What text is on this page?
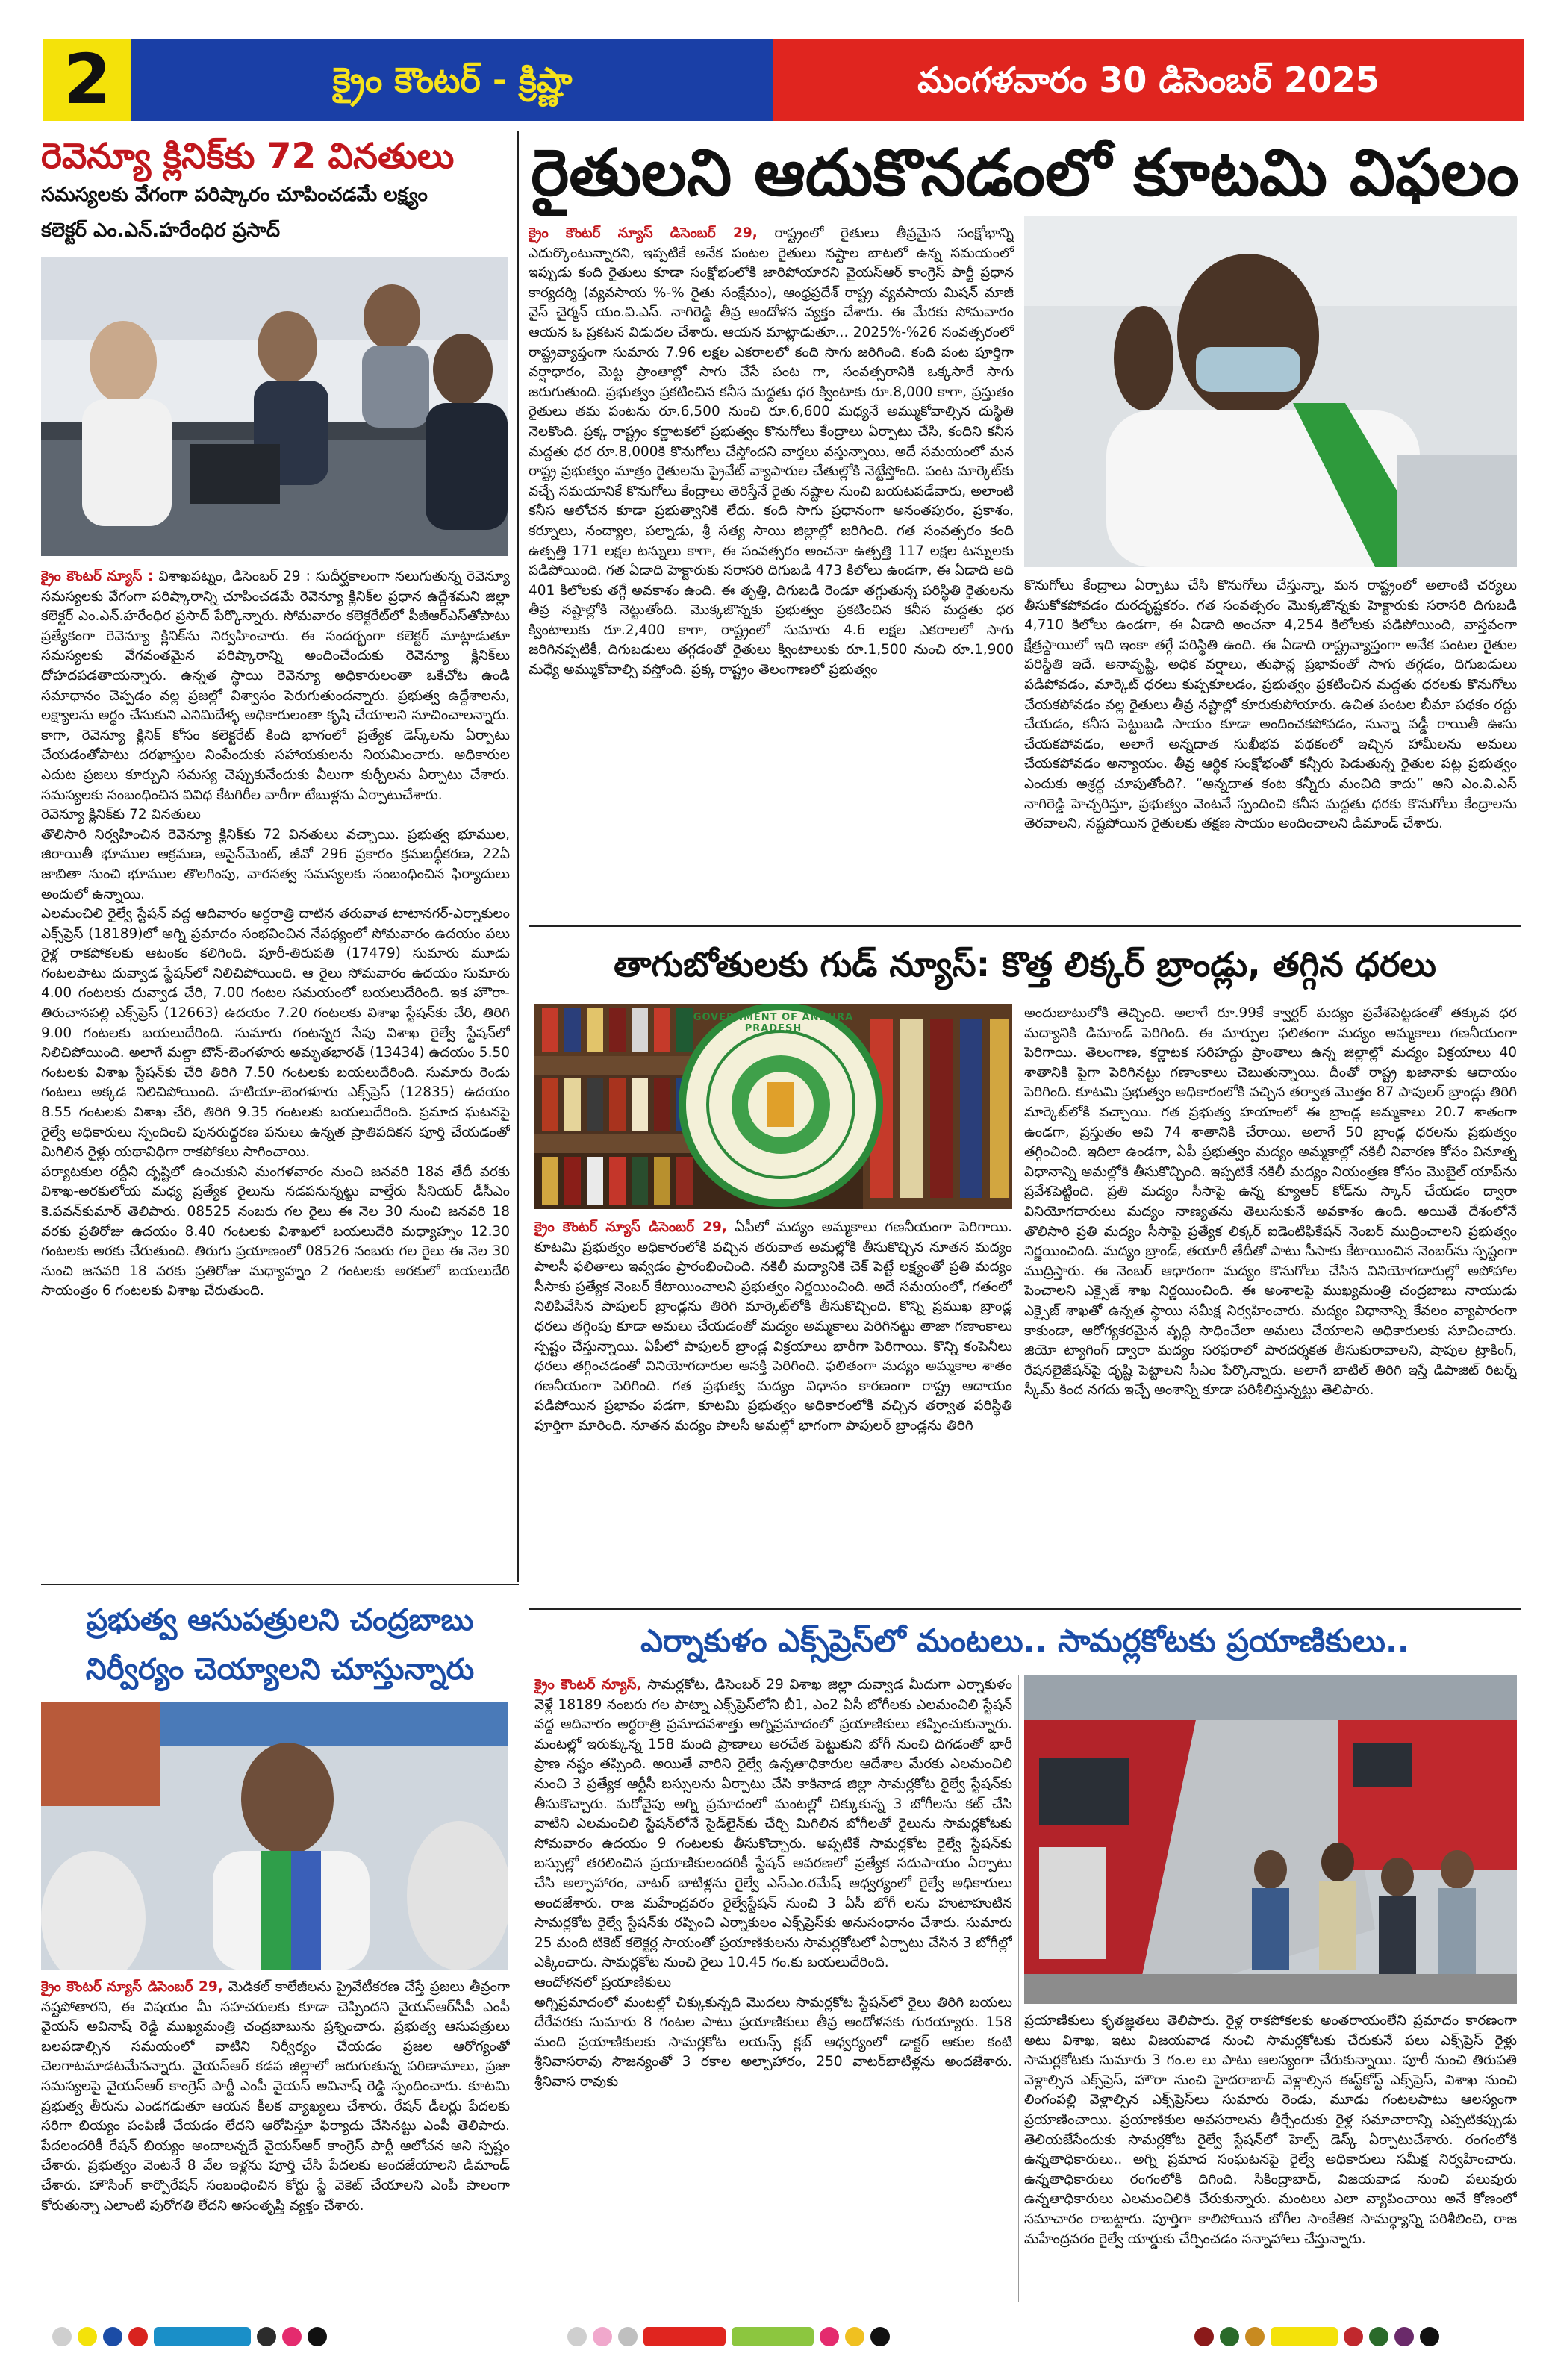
2	క్రైం కౌంటర్ - క్రిష్ణా	మంగళవారం 30 డిసెంబర్ 2025
రెవెన్యూ క్లినిక్‌కు 72 వినతులు
సమస్యలకు వేగంగా పరిష్కారం చూపించడమే లక్ష్యం
కలెక్టర్ ఎం.ఎన్.హరేంధిర ప్రసాద్

క్రైం కౌంటర్ న్యూస్ : విశాఖపట్నం, డిసెంబర్ 29 : సుదీర్ఘకాలంగా నలుగుతున్న రెవెన్యూ సమస్యలకు వేగంగా పరిష్కారాన్ని చూపించడమే రెవెన్యూ క్లినిక్‌ల ప్రధాన ఉద్దేశమని జిల్లా కలెక్టర్ ఎం.ఎన్.హరేంధిర ప్రసాద్ పేర్కొన్నారు. సోమవారం కలెక్టరేట్‌లో పీజీఆర్‌ఎస్‌తోపాటు ప్రత్యేకంగా రెవెన్యూ క్లినిక్‌ను నిర్వహించారు. ఈ సందర్భంగా కలెక్టర్ మాట్లాడుతూ సమస్యలకు వేగవంతమైన పరిష్కారాన్ని అందించేందుకు రెవెన్యూ క్లినిక్‌లు దోహదపడతాయన్నారు. ఉన్నత స్థాయి రెవెన్యూ అధికారులంతా ఒకేచోట ఉండి సమాధానం చెప్పడం వల్ల ప్రజల్లో విశ్వాసం పెరుగుతుందన్నారు. ప్రభుత్వ ఉద్దేశాలను, లక్ష్యాలను అర్థం చేసుకుని ఎనిమిదేళ్ళ అధికారులంతా కృషి చేయాలని సూచించాలన్నారు. కాగా, రెవెన్యూ క్లినిక్ కోసం కలెక్టరేట్ కింది భాగంలో ప్రత్యేక డెస్క్‌లను ఏర్పాటు చేయడంతోపాటు దరఖాస్తుల నింపేందుకు సహాయకులను నియమించారు. అధికారుల ఎదుట ప్రజలు కూర్చుని సమస్య చెప్పుకునేందుకు వీలుగా కుర్చీలను ఏర్పాటు చేశారు. సమస్యలకు సంబంధించిన వివిధ కేటగిరీల వారీగా టేబుళ్లను ఏర్పాటుచేశారు.

రెవెన్యూ క్లినిక్‌కు 72 వినతులు

తొలిసారి నిర్వహించిన రెవెన్యూ క్లినిక్‌కు 72 వినతులు వచ్చాయి. ప్రభుత్వ భూముల, జిరాయితీ భూముల ఆక్రమణ, అసైన్‌మెంట్, జీవో 296 ప్రకారం క్రమబద్ధీకరణ, 22ఏ జాబితా నుంచి భూముల తొలగింపు, వారసత్వ సమస్యలకు సంబంధించిన ఫిర్యాదులు అందులో ఉన్నాయి.

ఎలమంచిలి రైల్వే స్టేషన్ వద్ద ఆదివారం అర్ధరాత్రి దాటిన తరువాత టాటానగర్-ఎర్నాకులం ఎక్స్‌ప్రెస్ (18189)లో అగ్ని ప్రమాదం సంభవించిన నేపథ్యంలో సోమవారం ఉదయం పలు రైళ్ల రాకపోకలకు ఆటంకం కలిగింది. పూరీ-తిరుపతి (17479) సుమారు మూడు గంటలపాటు దువ్వాడ స్టేషన్‌లో నిలిచిపోయింది. ఆ రైలు సోమవారం ఉదయం సుమారు 4.00 గంటలకు దువ్వాడ చేరి, 7.00 గంటల సమయంలో బయలుదేరింది. ఇక హౌరా-తిరుచానపల్లి ఎక్స్‌ప్రెస్ (12663) ఉదయం 7.20 గంటలకు విశాఖ స్టేషన్‌కు చేరి, తిరిగి 9.00 గంటలకు బయలుదేరింది. సుమారు గంటన్నర సేపు విశాఖ రైల్వే స్టేషన్‌లో నిలిచిపోయింది. అలాగే మల్దా టౌన్-బెంగళూరు అమృతభారత్ (13434) ఉదయం 5.50 గంటలకు విశాఖ స్టేషన్‌కు చేరి తిరిగి 7.50 గంటలకు బయలుదేరింది. సుమారు రెండు గంటలు అక్కడ నిలిచిపోయింది. హటియా-బెంగళూరు ఎక్స్‌ప్రెస్ (12835) ఉదయం 8.55 గంటలకు విశాఖ చేరి, తిరిగి 9.35 గంటలకు బయలుదేరింది. ప్రమాద ఘటనపై రైల్వే అధికారులు స్పందించి పునరుద్ధరణ పనులు ఉన్నత ప్రాతిపదికన పూర్తి చేయడంతో మిగిలిన రైళ్లు యథావిధిగా రాకపోకలు సాగించాయి.

పర్యాటకుల రద్దీని దృష్టిలో ఉంచుకుని మంగళవారం నుంచి జనవరి 18వ తేదీ వరకు విశాఖ-అరకులోయ మధ్య ప్రత్యేక రైలును నడపనున్నట్టు వాల్తేరు సీనియర్ డీసీఎం కె.పవన్‌కుమార్ తెలిపారు. 08525 నంబరు గల రైలు ఈ నెల 30 నుంచి జనవరి 18 వరకు ప్రతిరోజు ఉదయం 8.40 గంటలకు విశాఖలో బయలుదేరి మధ్యాహ్నం 12.30 గంటలకు అరకు చేరుతుంది. తిరుగు ప్రయాణంలో 08526 నంబరు గల రైలు ఈ నెల 30 నుంచి జనవరి 18 వరకు ప్రతిరోజు మధ్యాహ్నం 2 గంటలకు అరకులో బయలుదేరి సాయంత్రం 6 గంటలకు విశాఖ చేరుతుంది.

ప్రభుత్వ ఆసుపత్రులని చంద్రబాబు
నిర్వీర్యం చెయ్యాలని చూస్తున్నారు

క్రైం కౌంటర్ న్యూస్ డిసెంబర్ 29, మెడికల్ కాలేజీలను ప్రైవేటీకరణ చేస్తే ప్రజలు తీవ్రంగా నష్టపోతారని, ఈ విషయం మీ సహచరులకు కూడా చెప్పిందని వైయస్‌ఆర్‌సీపీ ఎంపీ వైయస్ అవినాష్ రెడ్డి ముఖ్యమంత్రి చంద్రబాబును ప్రశ్నించారు. ప్రభుత్వ ఆసుపత్రులు బలపడాల్సిన సమయంలో వాటిని నిర్వీర్యం చేయడం ప్రజల ఆరోగ్యంతో చెలగాటమాడటమేనన్నారు. వైయస్‌ఆర్ కడప జిల్లాలో జరుగుతున్న పరిణామాలు, ప్రజా సమస్యలపై వైయస్‌ఆర్ కాంగ్రెస్ పార్టీ ఎంపీ వైయస్ అవినాష్ రెడ్డి స్పందించారు. కూటమి ప్రభుత్వ తీరును ఎండగడుతూ ఆయన కీలక వ్యాఖ్యలు చేశారు. రేషన్ డీలర్లు పేదలకు సరిగా బియ్యం పంపిణీ చేయడం లేదని ఆరోపిస్తూ ఫిర్యాదు చేసినట్టు ఎంపీ తెలిపారు. పేదలందరికీ రేషన్ బియ్యం అందాలన్నదే వైయస్‌ఆర్ కాంగ్రెస్ పార్టీ ఆలోచన అని స్పష్టం చేశారు. ప్రభుత్వం వెంటనే 8 వేల ఇళ్లను పూర్తి చేసి పేదలకు అందజేయాలని డిమాండ్ చేశారు. హౌసింగ్ కార్పొరేషన్ సంబంధించిన కోర్టు స్టే వెకెట్ చేయాలని ఎంపీ పాలంగా కోరుతున్నా ఎలాంటి పురోగతి లేదని అసంతృప్తి వ్యక్తం చేశారు.

రైతులని ఆదుకొనడంలో కూటమి విఫలం

క్రైం కౌంటర్ న్యూస్ డిసెంబర్ 29, రాష్ట్రంలో రైతులు తీవ్రమైన సంక్షోభాన్ని ఎదుర్కొంటున్నారని, ఇప్పటికే అనేక పంటల రైతులు నష్టాల బాటలో ఉన్న సమయంలో ఇప్పుడు కంది రైతులు కూడా సంక్షోభంలోకి జారిపోయారని వైయస్‌ఆర్ కాంగ్రెస్ పార్టీ ప్రధాన కార్యదర్శి (వ్యవసాయ %-% రైతు సంక్షేమం), ఆంధ్రప్రదేశ్ రాష్ట్ర వ్యవసాయ మిషన్ మాజీ వైస్ చైర్మన్ యం.వి.ఎస్. నాగిరెడ్డి తీవ్ర ఆందోళన వ్యక్తం చేశారు. ఈ మేరకు సోమవారం ఆయన ఓ ప్రకటన విడుదల చేశారు. ఆయన మాట్లాడుతూ... 2025%-%26 సంవత్సరంలో రాష్ట్రవ్యాప్తంగా సుమారు 7.96 లక్షల ఎకరాలలో కంది సాగు జరిగింది. కంది పంట పూర్తిగా వర్షాధారం, మెట్ట ప్రాంతాల్లో సాగు చేసే పంట గా, సంవత్సరానికి ఒక్కసారే సాగు జరుగుతుంది. ప్రభుత్వం ప్రకటించిన కనీస మద్దతు ధర క్వింటాకు రూ.8,000 కాగా, ప్రస్తుతం రైతులు తమ పంటను రూ.6,500 నుంచి రూ.6,600 మధ్యనే అమ్ముకోవాల్సిన దుస్థితి నెలకొంది. ప్రక్క రాష్ట్రం కర్ణాటకలో ప్రభుత్వం కొనుగోలు కేంద్రాలు ఏర్పాటు చేసి, కందిని కనీస మద్దతు ధర రూ.8,000కి కొనుగోలు చేస్తోందని వార్తలు వస్తున్నాయి, అదే సమయంలో మన రాష్ట్ర ప్రభుత్వం మాత్రం రైతులను ప్రైవేట్ వ్యాపారుల చేతుల్లోకి నెట్టేస్తోంది. పంట మార్కెట్‌కు వచ్చే సమయానికే కొనుగోలు కేంద్రాలు తెరిస్తేనే రైతు నష్టాల నుంచి బయటపడేవారు, అలాంటి కనీస ఆలోచన కూడా ప్రభుత్వానికి లేదు. కంది సాగు ప్రధానంగా అనంతపురం, ప్రకాశం, కర్నూలు, నంద్యాల, పల్నాడు, శ్రీ సత్య సాయి జిల్లాల్లో జరిగింది. గత సంవత్సరం కంది ఉత్పత్తి 171 లక్షల టన్నులు కాగా, ఈ సంవత్సరం అంచనా ఉత్పత్తి 117 లక్షల టన్నులకు పడిపోయింది. గత ఏడాది హెక్టారుకు సరాసరి దిగుబడి 473 కిలోలు ఉండగా, ఈ ఏడాది అది 401 కిలోలకు తగ్గే అవకాశం ఉంది. ఈ తృత్తి, దిగుబడి రెండూ తగ్గుతున్న పరిస్థితి రైతులను తీవ్ర నష్టాల్లోకి నెట్టుతోంది. మొక్కజొన్నకు ప్రభుత్వం ప్రకటించిన కనీస మద్దతు ధర క్వింటాలుకు రూ.2,400 కాగా, రాష్ట్రంలో సుమారు 4.6 లక్షల ఎకరాలలో సాగు జరిగినప్పటికీ, దిగుబడులు తగ్గడంతో రైతులు క్వింటాలుకు రూ.1,500 నుంచి రూ.1,900 మధ్యే అమ్ముకోవాల్సి వస్తోంది. ప్రక్క రాష్ట్రం తెలంగాణలో ప్రభుత్వం

కొనుగోలు కేంద్రాలు ఏర్పాటు చేసి కొనుగోలు చేస్తున్నా, మన రాష్ట్రంలో అలాంటి చర్యలు తీసుకోకపోవడం దురదృష్టకరం. గత సంవత్సరం మొక్కజొన్నకు హెక్టారుకు సరాసరి దిగుబడి 4,710 కిలోలు ఉండగా, ఈ ఏడాది అంచనా 4,254 కిలోలకు పడిపోయింది, వాస్తవంగా క్షేత్రస్థాయిలో ఇది ఇంకా తగ్గే పరిస్థితి ఉంది. ఈ ఏడాది రాష్ట్రవ్యాప్తంగా అనేక పంటల రైతుల పరిస్థితి ఇదే. అనావృష్టి, అధిక వర్షాలు, తుఫాన్ల ప్రభావంతో సాగు తగ్గడం, దిగుబడులు పడిపోవడం, మార్కెట్ ధరలు కుప్పకూలడం, ప్రభుత్వం ప్రకటించిన మద్దతు ధరలకు కొనుగోలు చేయకపోవడం వల్ల రైతులు తీవ్ర నష్టాల్లో కూరుకుపోయారు. ఉచిత పంటల బీమా పథకం రద్దు చేయడం, కనీస పెట్టుబడి సాయం కూడా అందించకపోవడం, సున్నా వడ్డీ రాయితీ ఊసు చేయకపోవడం, అలాగే అన్నదాత సుఖీభవ పథకంలో ఇచ్చిన హామీలను అమలు చేయకపోవడం అన్యాయం. తీవ్ర ఆర్థిక సంక్షోభంతో కన్నీరు పెడుతున్న రైతుల పట్ల ప్రభుత్వం ఎందుకు అశ్రద్ధ చూపుతోంది?. “అన్నదాత కంట కన్నీరు మంచిది కాదు” అని ఎం.వి.ఎస్ నాగిరెడ్డి హెచ్చరిస్తూ, ప్రభుత్వం వెంటనే స్పందించి కనీస మద్దతు ధరకు కొనుగోలు కేంద్రాలను తెరవాలని, నష్టపోయిన రైతులకు తక్షణ సాయం అందించాలని డిమాండ్ చేశారు.

తాగుబోతులకు గుడ్ న్యూస్: కొత్త లిక్కర్ బ్రాండ్లు, తగ్గిన ధరలు
GOVERNMENT OF ANDHRA PRADESH

క్రైం కౌంటర్ న్యూస్ డిసెంబర్ 29, ఏపీలో మద్యం అమ్మకాలు గణనీయంగా పెరిగాయి. కూటమి ప్రభుత్వం అధికారంలోకి వచ్చిన తరువాత అమల్లోకి తీసుకొచ్చిన నూతన మద్యం పాలసీ ఫలితాలు ఇవ్వడం ప్రారంభించింది. నకిలీ మద్యానికి చెక్ పెట్టే లక్ష్యంతో ప్రతి మద్యం సీసాకు ప్రత్యేక నెంబర్ కేటాయించాలని ప్రభుత్వం నిర్ణయించింది. అదే సమయంలో, గతంలో నిలిపివేసిన పాపులర్ బ్రాండ్లను తిరిగి మార్కెట్‌లోకి తీసుకొచ్చింది. కొన్ని ప్రముఖ బ్రాండ్ల ధరలు తగ్గింపు కూడా అమలు చేయడంతో మద్యం అమ్మకాలు పెరిగినట్టు తాజా గణాంకాలు స్పష్టం చేస్తున్నాయి. ఏపీలో పాపులర్ బ్రాండ్ల విక్రయాలు భారీగా పెరిగాయి. కొన్ని కంపెనీలు ధరలు తగ్గించడంతో వినియోగదారుల ఆసక్తి పెరిగింది. ఫలితంగా మద్యం అమ్మకాల శాతం గణనీయంగా పెరిగింది. గత ప్రభుత్వ మద్యం విధానం కారణంగా రాష్ట్ర ఆదాయం పడిపోయిన ప్రభావం పడగా, కూటమి ప్రభుత్వం అధికారంలోకి వచ్చిన తర్వాత పరిస్థితి పూర్తిగా మారింది. నూతన మద్యం పాలసీ అమల్లో భాగంగా పాపులర్ బ్రాండ్లను తిరిగి

అందుబాటులోకి తెచ్చింది. అలాగే రూ.99కే క్వార్టర్ మద్యం ప్రవేశపెట్టడంతో తక్కువ ధర మద్యానికి డిమాండ్ పెరిగింది. ఈ మార్పుల ఫలితంగా మద్యం అమ్మకాలు గణనీయంగా పెరిగాయి. తెలంగాణ, కర్ణాటక సరిహద్దు ప్రాంతాలు ఉన్న జిల్లాల్లో మద్యం విక్రయాలు 40 శాతానికి పైగా పెరిగినట్టు గణాంకాలు చెబుతున్నాయి. దీంతో రాష్ట్ర ఖజానాకు ఆదాయం పెరిగింది. కూటమి ప్రభుత్వం అధికారంలోకి వచ్చిన తర్వాత మొత్తం 87 పాపులర్ బ్రాండ్లు తిరిగి మార్కెట్‌లోకి వచ్చాయి. గత ప్రభుత్వ హయాంలో ఈ బ్రాండ్ల అమ్మకాలు 20.7 శాతంగా ఉండగా, ప్రస్తుతం అవి 74 శాతానికి చేరాయి. అలాగే 50 బ్రాండ్ల ధరలను ప్రభుత్వం తగ్గించింది. ఇదిలా ఉండగా, ఏపీ ప్రభుత్వం మద్యం అమ్మకాల్లో నకిలీ నివారణ కోసం వినూత్న విధానాన్ని అమల్లోకి తీసుకొచ్చింది. ఇప్పటికే నకిలీ మద్యం నియంత్రణ కోసం మొబైల్ యాప్‌ను ప్రవేశపెట్టింది. ప్రతి మద్యం సీసాపై ఉన్న క్యూఆర్ కోడ్‌ను స్కాన్ చేయడం ద్వారా వినియోగదారులు మద్యం నాణ్యతను తెలుసుకునే అవకాశం ఉంది. అయితే దేశంలోనే తొలిసారి ప్రతి మద్యం సీసాపై ప్రత్యేక లిక్కర్ ఐడెంటిఫికేషన్ నెంబర్ ముద్రించాలని ప్రభుత్వం నిర్ణయించింది. మద్యం బ్రాండ్, తయారీ తేదీతో పాటు సీసాకు కేటాయించిన నెంబర్‌ను స్పష్టంగా ముద్రిస్తారు. ఈ నెంబర్ ఆధారంగా మద్యం కొనుగోలు చేసిన వినియోగదారుల్లో అపోహాల పెంచాలని ఎక్సైజ్ శాఖ నిర్ణయించింది. ఈ అంశాలపై ముఖ్యమంత్రి చంద్రబాబు నాయుడు ఎక్సైజ్ శాఖతో ఉన్నత స్థాయి సమీక్ష నిర్వహించారు. మద్యం విధానాన్ని కేవలం వ్యాపారంగా కాకుండా, ఆరోగ్యకరమైన వృద్ధి సాధించేలా అమలు చేయాలని అధికారులకు సూచించారు. జియో ట్యాగింగ్ ద్వారా మద్యం సరఫరాలో పారదర్శకత తీసుకురావాలని, షాపుల ట్రాకింగ్, రేషనలైజేషన్‌పై దృష్టి పెట్టాలని సీఎం పేర్కొన్నారు. అలాగే బాటిల్ తిరిగి ఇస్తే డిపాజిట్ రిటర్న్ స్కీమ్ కింద నగదు ఇచ్చే అంశాన్ని కూడా పరిశీలిస్తున్నట్టు తెలిపారు.

ఎర్నాకుళం ఎక్స్‌ప్రెస్‌లో మంటలు.. సామర్లకోటకు ప్రయాణికులు..

క్రైం కౌంటర్ న్యూస్, సామర్లకోట, డిసెంబర్ 29 విశాఖ జిల్లా దువ్వాడ మీదుగా ఎర్నాకుళం వెళ్లే 18189 నంబరు గల పాట్నా ఎక్స్‌ప్రెస్‌లోని బీ1, ఎం2 ఏసీ బోగీలకు ఎలమంచిలి స్టేషన్ వద్ద ఆదివారం అర్ధరాత్రి ప్రమాదవశాత్తు అగ్నిప్రమాదంలో ప్రయాణికులు తప్పించుకున్నారు. మంటల్లో ఇరుక్కున్న 158 మంది ప్రాణాలు అరచేత పెట్టుకుని బోగీ నుంచి దిగడంతో భారీ ప్రాణ నష్టం తప్పింది. అయితే వారిని రైల్వే ఉన్నతాధికారుల ఆదేశాల మేరకు ఎలమంచిలి నుంచి 3 ప్రత్యేక ఆర్టీసీ బస్సులను ఏర్పాటు చేసి కాకినాడ జిల్లా సామర్లకోట రైల్వే స్టేషన్‌కు తీసుకొచ్చారు. మరోవైపు అగ్ని ప్రమాదంలో మంటల్లో చిక్కుకున్న 3 బోగీలను కట్ చేసి వాటిని ఎలమంచిలి స్టేషన్‌లోనే సైడ్‌లైన్‌కు చేర్చి మిగిలిన బోగీలతో రైలును సామర్లకోటకు సోమవారం ఉదయం 9 గంటలకు తీసుకొచ్చారు. అప్పటికే సామర్లకోట రైల్వే స్టేషన్‌కు బస్సుల్లో తరలించిన ప్రయాణికులందరికీ స్టేషన్ ఆవరణలో ప్రత్యేక సదుపాయం ఏర్పాటు చేసి అల్పాహారం, వాటర్ బాటిళ్లను రైల్వే ఎస్‌ఎం.రమేష్ ఆధ్వర్యంలో రైల్వే అధికారులు అందజేశారు. రాజ మహేంద్రవరం రైల్వేస్టేషన్ నుంచి 3 ఏసీ బోగీ లను హుటాహుటిన సామర్లకోట రైల్వే స్టేషన్‌కు రప్పించి ఎర్నాకులం ఎక్స్‌ప్రెస్‌కు అనుసంధానం చేశారు. సుమారు 25 మంది టికెట్ కలెక్టర్ల సాయంతో ప్రయాణికులను సామర్లకోటలో ఏర్పాటు చేసిన 3 బోగీల్లో ఎక్కించారు. సామర్లకోట నుంచి రైలు 10.45 గం.కు బయలుదేరింది.

ఆందోళనలో ప్రయాణికులు

అగ్నిప్రమాదంలో మంటల్లో చిక్కుకున్నది మొదలు సామర్లకోట స్టేషన్‌లో రైలు తిరిగి బయలు దేరేవరకు సుమారు 8 గంటల పాటు ప్రయాణికులు తీవ్ర ఆందోళనకు గురయ్యారు. 158 మంది ప్రయాణికులకు సామర్లకోట లయన్స్ క్లబ్ ఆధ్వర్యంలో డాక్టర్ ఆకుల కంటి శ్రీనివాసరావు సౌజన్యంతో 3 రకాల అల్పాహారం, 250 వాటర్‌బాటిళ్లను అందజేశారు. శ్రీనివాస రావుకు

ప్రయాణికులు కృతజ్ఞతలు తెలిపారు. రైళ్ల రాకపోకలకు అంతరాయంలేని ప్రమాదం కారణంగా అటు విశాఖ, ఇటు విజయవాడ నుంచి సామర్లకోటకు చేరుకునే పలు ఎక్స్‌ప్రెస్ రైళ్లు సామర్లకోటకు సుమారు 3 గం.ల లు పాటు ఆలస్యంగా చేరుకున్నాయి. పూరీ నుంచి తిరుపతి వెళ్లాల్సిన ఎక్స్‌ప్రెస్, హౌరా నుంచి హైదరాబాద్ వెళ్లాల్సిన ఈస్ట్‌కోస్ట్ ఎక్స్‌ప్రెస్, విశాఖ నుంచి లింగంపల్లి వెళ్లాల్సిన ఎక్స్‌ప్రెస్‌లు సుమారు రెండు, మూడు గంటలపాటు ఆలస్యంగా ప్రయాణించాయి. ప్రయాణికుల అవసరాలను తీర్చేందుకు రైళ్ల సమాచారాన్ని ఎప్పటికప్పుడు తెలియజేసేందుకు సామర్లకోట రైల్వే స్టేషన్‌లో హెల్ప్ డెస్క్ ఏర్పాటుచేశారు. రంగంలోకి ఉన్నతాధికారులు.. అగ్ని ప్రమాద సంఘటనపై రైల్వే అధికారులు సమీక్ష నిర్వహించారు. ఉన్నతాధికారులు రంగంలోకి దిగింది. సికింద్రాబాద్, విజయవాడ నుంచి పలువురు ఉన్నతాధికారులు ఎలమంచిలికి చేరుకున్నారు. మంటలు ఎలా వ్యాపించాయి అనే కోణంలో సమాచారం రాబట్టారు. పూర్తిగా కాలిపోయిన బోగీల సాంకేతిక సామర్థ్యాన్ని పరిశీలించి, రాజ మహేంద్రవరం రైల్వే యార్డుకు చేర్పించడం సన్నాహాలు చేస్తున్నారు.
